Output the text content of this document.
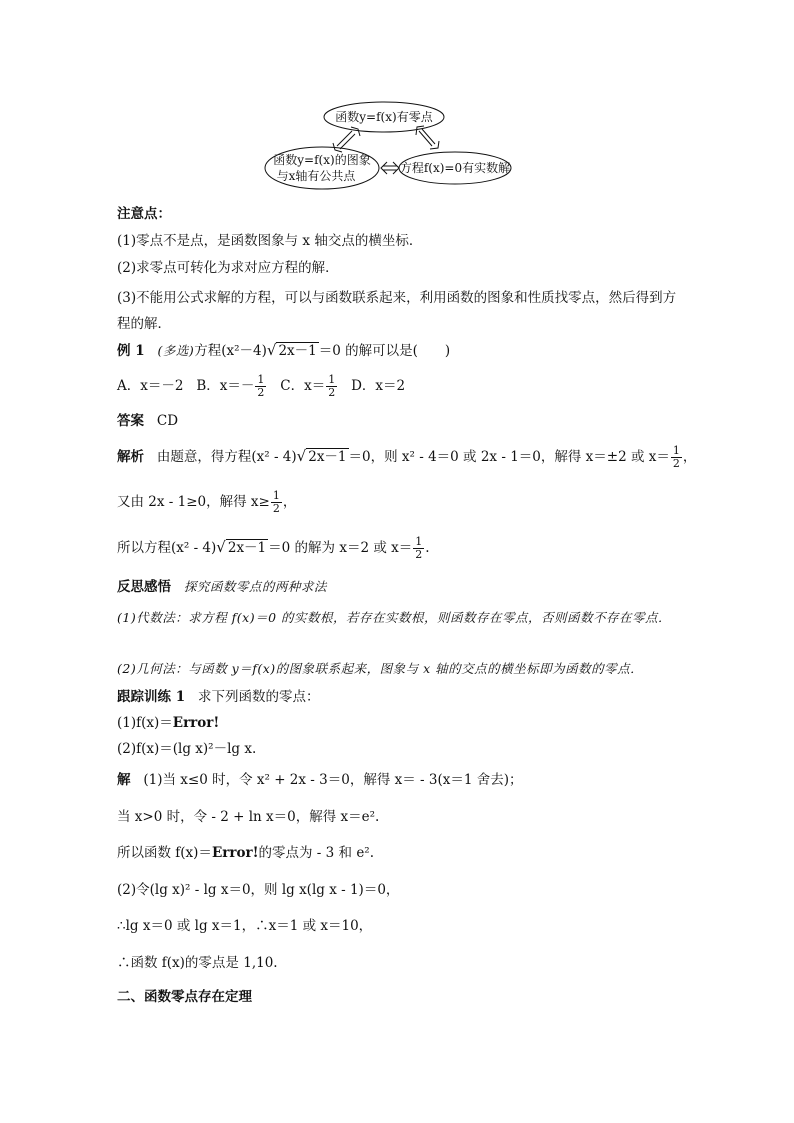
函数y=f(x)有零点
函数y=f(x)的图象
与x轴有公共点
方程f(x)=0有实数解
注意点：
(1)零点不是点，是函数图象与 x 轴交点的横坐标．
(2)求零点可转化为求对应方程的解．
(3)不能用公式求解的方程，可以与函数联系起来，利用函数的图象和性质找零点，然后得到方程的解．
例 1 (多选)方程(x²－4)√ 2x－1 ＝0 的解可以是(　　)
A．x＝－2 B．$x=- \frac{1}{2}$ C．$x= \frac{1}{2}$ D．x＝2
答案 CD
解析 由题意，得方程(x² - 4)√ 2x－1 ＝0，则 x² - 4＝0 或 2x - 1＝0，解得 x＝±2 或 $x= \frac{1}{2}$ ，
又由 2x - 1≥0，解得 $x\ge \frac{1}{2}$ ，
所以方程(x² - 4)√ 2x－1 ＝0 的解为 x＝2 或 $x= \frac{1}{2}$ .
反思感悟 探究函数零点的两种求法
(1)代数法：求方程 f(x)＝0 的实数根，若存在实数根，则函数存在零点，否则函数不存在零点．
(2)几何法：与函数 y＝f(x)的图象联系起来，图象与 x 轴的交点的横坐标即为函数的零点．
跟踪训练 1 求下列函数的零点：
(1)f(x)＝Error!
(2)f(x)＝(lg x)²－lg x.
解 (1)当 x≤0 时，令 x² + 2x - 3＝0，解得 x＝ - 3(x＝1 舍去)；
当 x>0 时，令 - 2 + ln x＝0，解得 x＝e².
所以函数 f(x)＝Error!的零点为 - 3 和 e².
(2)令(lg x)² - lg x＝0，则 lg x(lg x - 1)＝0，
∴lg x＝0 或 lg x＝1，∴x＝1 或 x＝10，
∴函数 f(x)的零点是 1,10.
二、函数零点存在定理
